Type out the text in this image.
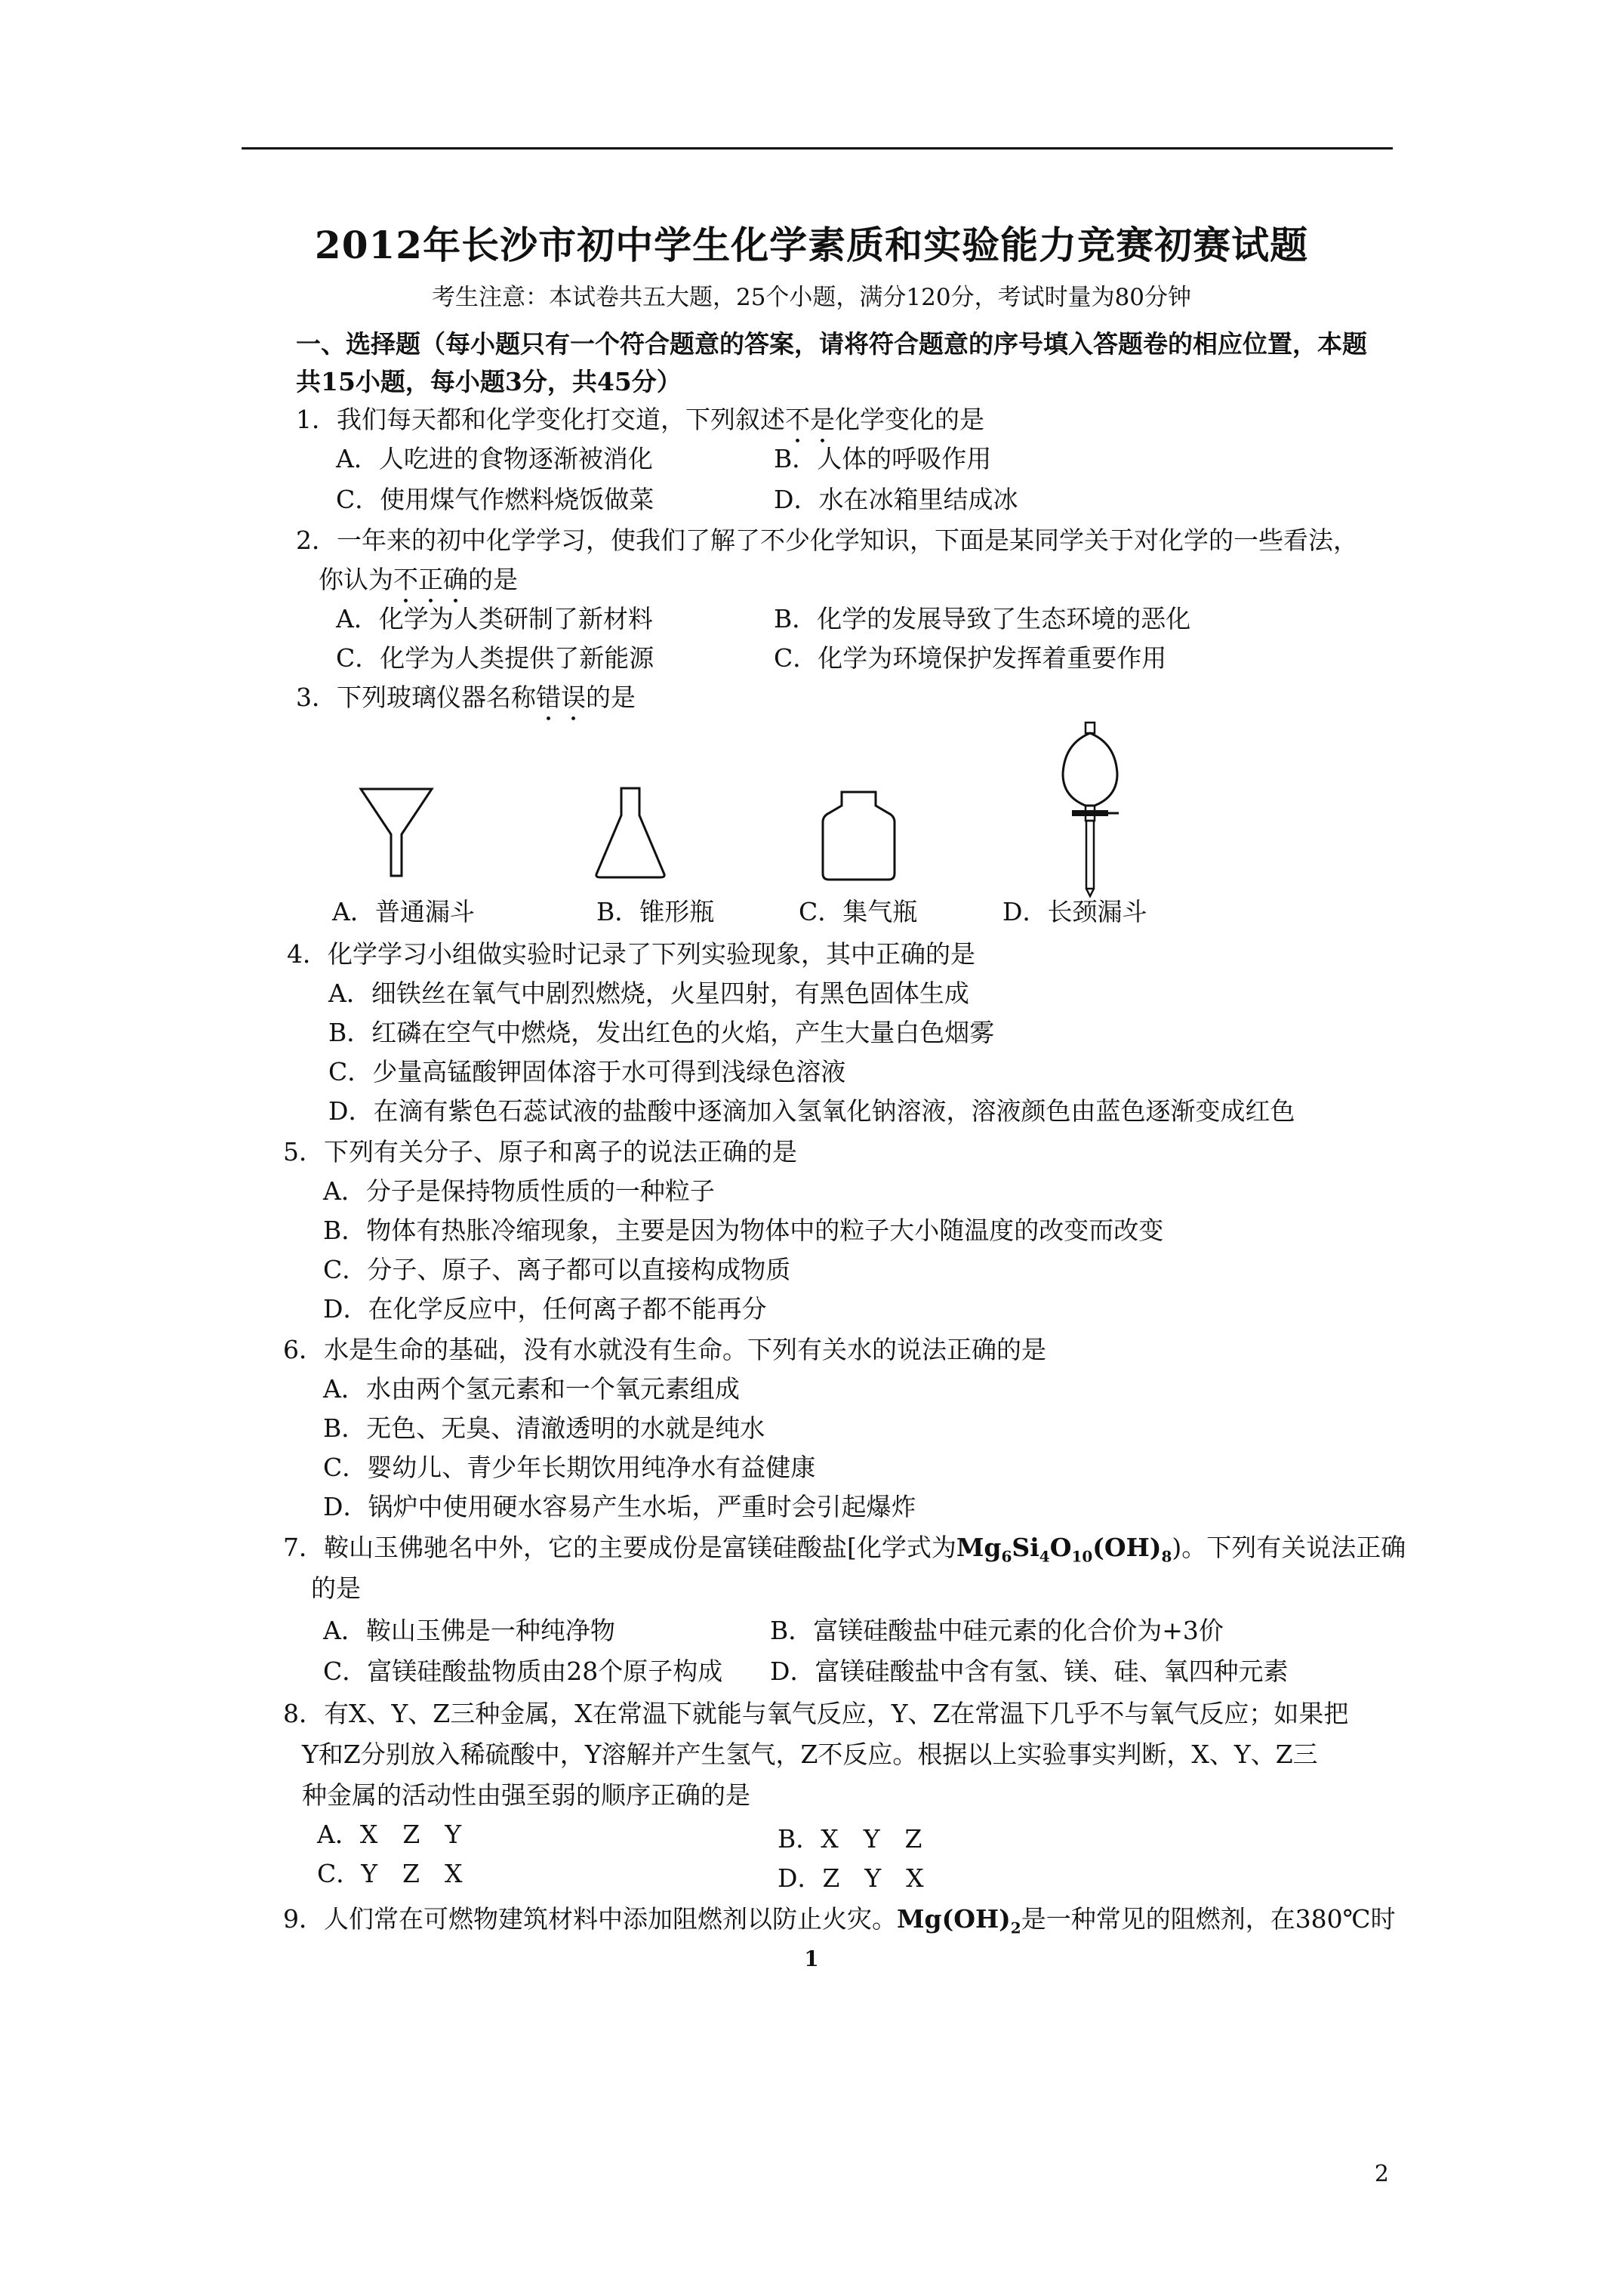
2012年长沙市初中学生化学素质和实验能力竞赛初赛试题
考生注意：本试卷共五大题，25个小题，满分120分，考试时量为80分钟
一、选择题（每小题只有一个符合题意的答案，请将符合题意的序号填入答题卷的相应位置，本题
共15小题，每小题3分，共45分）
1．我们每天都和化学变化打交道，下列叙述不是化学变化的是
A．人吃进的食物逐渐被消化	B．人体的呼吸作用
C．使用煤气作燃料烧饭做菜	D．水在冰箱里结成冰
2．一年来的初中化学学习，使我们了解了不少化学知识，下面是某同学关于对化学的一些看法，
你认为不正确的是
A．化学为人类研制了新材料	B．化学的发展导致了生态环境的恶化
C．化学为人类提供了新能源	C．化学为环境保护发挥着重要作用
3．下列玻璃仪器名称错误的是
A．普通漏斗	B．锥形瓶	C．集气瓶	D．长颈漏斗
4．化学学习小组做实验时记录了下列实验现象，其中正确的是
A．细铁丝在氧气中剧烈燃烧，火星四射，有黑色固体生成
B．红磷在空气中燃烧，发出红色的火焰，产生大量白色烟雾
C．少量高锰酸钾固体溶于水可得到浅绿色溶液
D．在滴有紫色石蕊试液的盐酸中逐滴加入氢氧化钠溶液，溶液颜色由蓝色逐渐变成红色
5．下列有关分子、原子和离子的说法正确的是
A．分子是保持物质性质的一种粒子
B．物体有热胀冷缩现象，主要是因为物体中的粒子大小随温度的改变而改变
C．分子、原子、离子都可以直接构成物质
D．在化学反应中，任何离子都不能再分
6．水是生命的基础，没有水就没有生命。下列有关水的说法正确的是
A．水由两个氢元素和一个氧元素组成
B．无色、无臭、清澈透明的水就是纯水
C．婴幼儿、青少年长期饮用纯净水有益健康
D．锅炉中使用硬水容易产生水垢，严重时会引起爆炸
7．鞍山玉佛驰名中外，它的主要成份是富镁硅酸盐[化学式为$Mg_6Si_4O_{10}(OH)_8$)。下列有关说法正确
的是
A．鞍山玉佛是一种纯净物	B．富镁硅酸盐中硅元素的化合价为+3价
C．富镁硅酸盐物质由28个原子构成 D．富镁硅酸盐中含有氢、镁、硅、氧四种元素
8．有X、Y、Z三种金属，X在常温下就能与氧气反应，Y、Z在常温下几乎不与氧气反应；如果把
Y和Z分别放入稀硫酸中，Y溶解并产生氢气，Z不反应。根据以上实验事实判断，X、Y、Z三
种金属的活动性由强至弱的顺序正确的是
A．X　Z　Y	B．X　Y　Z
C．Y　Z　X	D．Z　Y　X
9．人们常在可燃物建筑材料中添加阻燃剂以防止火灾。$Mg(OH)_2$是一种常见的阻燃剂，在380℃时
1
2
